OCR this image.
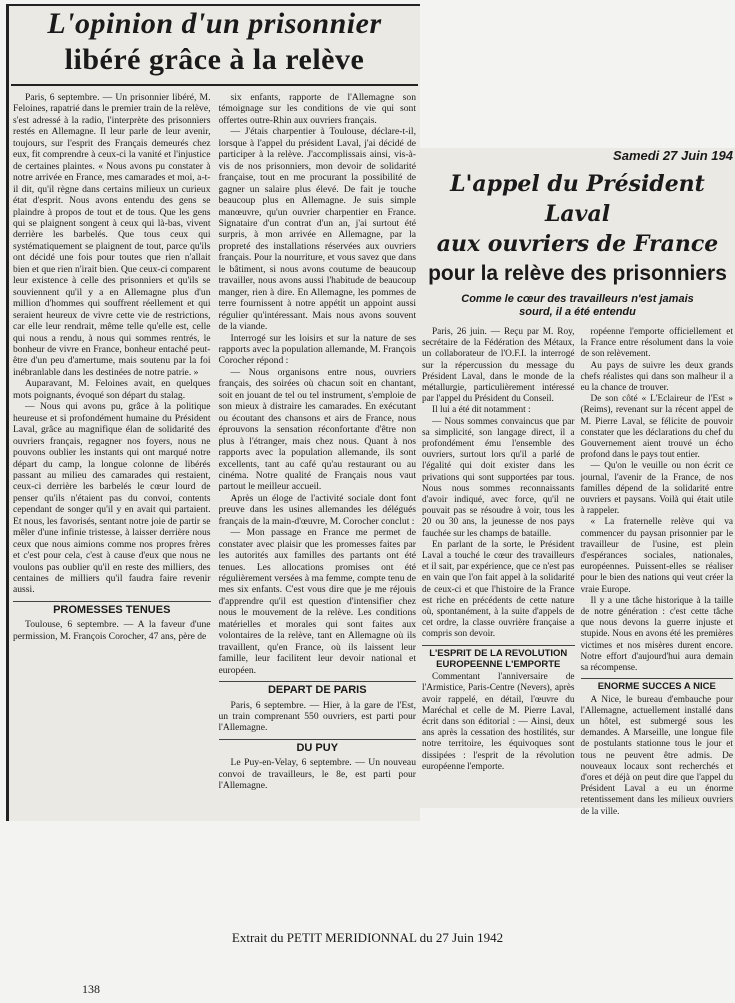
L'opinion d'un prisonnier
libéré grâce à la relève

Paris, 6 septembre. — Un prisonnier libéré, M. Feloines, rapatrié dans le premier train de la relève, s'est adressé à la radio, l'interprète des prisonniers restés en Allemagne. Il leur parle de leur avenir, toujours, sur l'esprit des Français demeurés chez eux, fit comprendre à ceux-ci la vanité et l'injustice de certaines plaintes. « Nous avons pu constater à notre arrivée en France, mes camarades et moi, a-t-il dit, qu'il règne dans certains milieux un curieux état d'esprit. Nous avons entendu des gens se plaindre à propos de tout et de tous. Que les gens qui se plaignent songent à ceux qui là-bas, vivent derrière les barbelés. Que tous ceux qui systématiquement se plaignent de tout, parce qu'ils ont décidé une fois pour toutes que rien n'allait bien et que rien n'irait bien. Que ceux-ci comparent leur existence à celle des prisonniers et qu'ils se souviennent qu'il y a en Allemagne plus d'un million d'hommes qui souffrent réellement et qui seraient heureux de vivre cette vie de restrictions, car elle leur rendrait, même telle qu'elle est, celle qui nous a rendu, à nous qui sommes rentrés, le bonheur de vivre en France, bonheur entaché peut-être d'un peu d'amertume, mais soutenu par la foi inébranlable dans les destinées de notre patrie. »

Auparavant, M. Feloines avait, en quelques mots poignants, évoqué son départ du stalag.

— Nous qui avons pu, grâce à la politique heureuse et si profondément humaine du Président Laval, grâce au magnifique élan de solidarité des ouvriers français, regagner nos foyers, nous ne pouvons oublier les instants qui ont marqué notre départ du camp, la longue colonne de libérés passant au milieu des camarades qui restaient, ceux-ci derrière les barbelés le cœur lourd de penser qu'ils n'étaient pas du convoi, contents cependant de songer qu'il y en avait qui partaient. Et nous, les favorisés, sentant notre joie de partir se mêler d'une infinie tristesse, à laisser derrière nous ceux que nous aimions comme nos propres frères et c'est pour cela, c'est à cause d'eux que nous ne voulons pas oublier qu'il en reste des milliers, des centaines de milliers qu'il faudra faire revenir aussi.

PROMESSES TENUES

Toulouse, 6 septembre. — A la faveur d'une permission, M. François Corocher, 47 ans, père de

six enfants, rapporte de l'Allemagne son témoignage sur les conditions de vie qui sont offertes outre-Rhin aux ouvriers français.

— J'étais charpentier à Toulouse, déclare-t-il, lorsque à l'appel du président Laval, j'ai décidé de participer à la relève. J'accomplissais ainsi, vis-à-vis de nos prisonniers, mon devoir de solidarité française, tout en me procurant la possibilité de gagner un salaire plus élevé. De fait je touche beaucoup plus en Allemagne. Je suis simple manœuvre, qu'un ouvrier charpentier en France. Signataire d'un contrat d'un an, j'ai surtout été surpris, à mon arrivée en Allemagne, par la propreté des installations réservées aux ouvriers français. Pour la nourriture, et vous savez que dans le bâtiment, si nous avons coutume de beaucoup travailler, nous avons aussi l'habitude de beaucoup manger, rien à dire. En Allemagne, les pommes de terre fournissent à notre appétit un appoint aussi régulier qu'intéressant. Mais nous avons souvent de la viande.

Interrogé sur les loisirs et sur la nature de ses rapports avec la population allemande, M. François Corocher répond :

— Nous organisons entre nous, ouvriers français, des soirées où chacun soit en chantant, soit en jouant de tel ou tel instrument, s'emploie de son mieux à distraire les camarades. En exécutant ou écoutant des chansons et airs de France, nous éprouvons la sensation réconfortante d'être non plus à l'étranger, mais chez nous. Quant à nos rapports avec la population allemande, ils sont excellents, tant au café qu'au restaurant ou au cinéma. Notre qualité de Français nous vaut partout le meilleur accueil.

Après un éloge de l'activité sociale dont font preuve dans les usines allemandes les délégués français de la main-d'œuvre, M. Corocher conclut :

— Mon passage en France me permet de constater avec plaisir que les promesses faites par les autorités aux familles des partants ont été tenues. Les allocations promises ont été régulièrement versées à ma femme, compte tenu de mes six enfants. C'est vous dire que je me réjouis d'apprendre qu'il est question d'intensifier chez nous le mouvement de la relève. Les conditions matérielles et morales qui sont faites aux volontaires de la relève, tant en Allemagne où ils travaillent, qu'en France, où ils laissent leur famille, leur facilitent leur devoir national et européen.

DEPART DE PARIS

Paris, 6 septembre. — Hier, à la gare de l'Est, un train comprenant 550 ouvriers, est parti pour l'Allemagne.

DU PUY

Le Puy-en-Velay, 6 septembre. — Un nouveau convoi de travailleurs, le 8e, est parti pour l'Allemagne.

Samedi 27 Juin 194
L'appel du Président Laval
aux ouvriers de France
pour la relève des prisonniers
Comme le cœur des travailleurs n'est jamais
sourd, il a été entendu

Paris, 26 juin. — Reçu par M. Roy, secrétaire de la Fédération des Métaux, un collaborateur de l'O.F.I. la interrogé sur la répercussion du message du Président Laval, dans le monde de la métallurgie, particulièrement intéressé par l'appel du Président du Conseil.

Il lui a été dit notamment :

— Nous sommes convaincus que par sa simplicité, son langage direct, il a profondément ému l'ensemble des ouvriers, surtout lors qu'il a parlé de l'égalité qui doit exister dans les privations qui sont supportées par tous. Nous nous sommes reconnaissants d'avoir indiqué, avec force, qu'il ne pouvait pas se résoudre à voir, tous les 20 ou 30 ans, la jeunesse de nos pays fauchée sur les champs de bataille.

En parlant de la sorte, le Président Laval a touché le cœur des travailleurs et il sait, par expérience, que ce n'est pas en vain que l'on fait appel à la solidarité de ceux-ci et que l'histoire de la France est riche en précédents de cette nature où, spontanément, à la suite d'appels de cet ordre, la classe ouvrière française a compris son devoir.

L'ESPRIT DE LA REVOLUTION EUROPEENNE L'EMPORTE

Commentant l'anniversaire de l'Armistice, Paris-Centre (Nevers), après avoir rappelé, en détail, l'œuvre du Maréchal et celle de M. Pierre Laval, écrit dans son éditorial : — Ainsi, deux ans après la cessation des hostilités, sur notre territoire, les équivoques sont dissipées : l'esprit de la révolution européenne l'emporte.

ropéenne l'emporte officiellement et la France entre résolument dans la voie de son relèvement.

Au pays de suivre les deux grands chefs réalistes qui dans son malheur il a eu la chance de trouver.

De son côté « L'Eclaireur de l'Est » (Reims), revenant sur la récent appel de M. Pierre Laval, se félicite de pouvoir constater que les déclarations du chef du Gouvernement aient trouvé un écho profond dans le pays tout entier.

— Qu'on le veuille ou non écrit ce journal, l'avenir de la France, de nos familles dépend de la solidarité entre ouvriers et paysans. Voilà qui était utile à rappeler.

« La fraternelle relève qui va commencer du paysan prisonnier par le travailleur de l'usine, est plein d'espérances sociales, nationales, européennes. Puissent-elles se réaliser pour le bien des nations qui veut créer la vraie Europe.

Il y a une tâche historique à la taille de notre génération : c'est cette tâche que nous devons la guerre injuste et stupide. Nous en avons été les premières victimes et nos misères durent encore. Notre effort d'aujourd'hui aura demain sa récompense.

ENORME SUCCES A NICE

A Nice, le bureau d'embauche pour l'Allemagne, actuellement installé dans un hôtel, est submergé sous les demandes. A Marseille, une longue file de postulants stationne tous le jour et tous ne peuvent être admis. De nouveaux locaux sont recherchés et d'ores et déjà on peut dire que l'appel du Président Laval a eu un énorme retentissement dans les milieux ouvriers de la ville.

Extrait du PETIT MERIDIONNAL du 27 Juin 1942
138
